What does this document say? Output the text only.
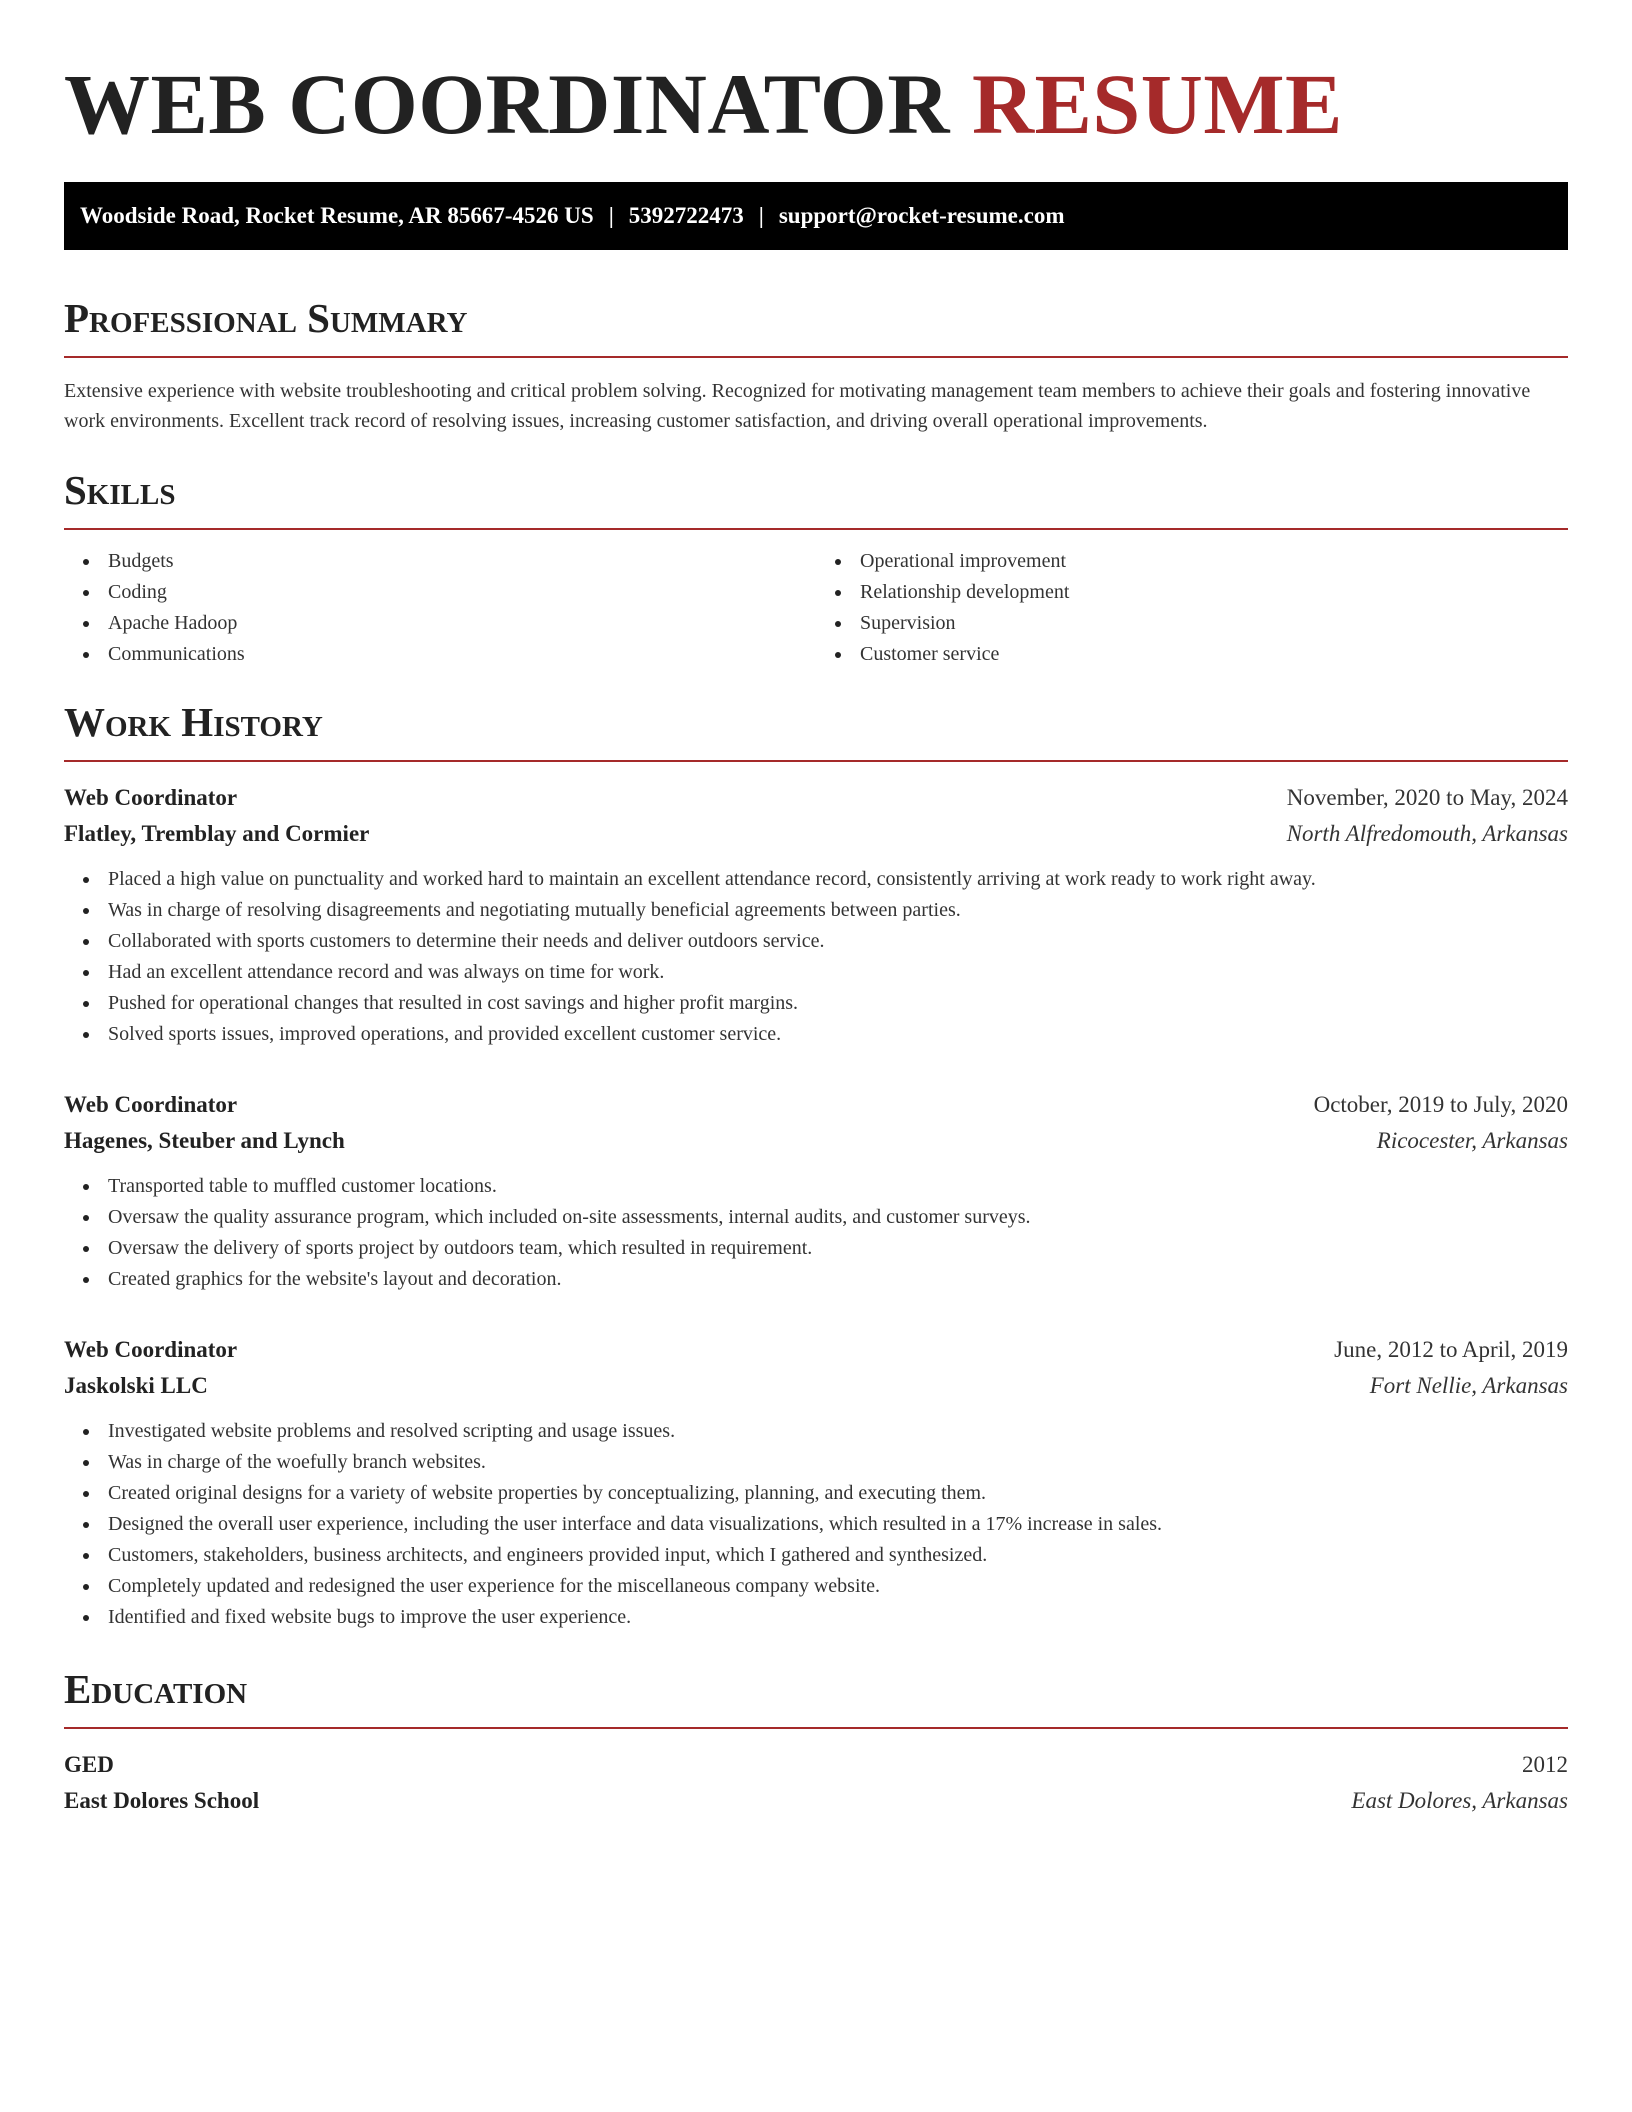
WEB COORDINATOR RESUME
Woodside Road, Rocket Resume, AR 85667-4526 US | 5392722473 | support@rocket-resume.com
Professional Summary

Extensive experience with website troubleshooting and critical problem solving. Recognized for motivating management team members to achieve their goals and fostering innovative work environments. Excellent track record of resolving issues, increasing customer satisfaction, and driving overall operational improvements.

Skills
Budgets
Coding
Apache Hadoop
Communications
Operational improvement
Relationship development
Supervision
Customer service
Work History
Web Coordinator	November, 2020 to May, 2024
Flatley, Tremblay and Cormier	North Alfredomouth, Arkansas
Placed a high value on punctuality and worked hard to maintain an excellent attendance record, consistently arriving at work ready to work right away.
Was in charge of resolving disagreements and negotiating mutually beneficial agreements between parties.
Collaborated with sports customers to determine their needs and deliver outdoors service.
Had an excellent attendance record and was always on time for work.
Pushed for operational changes that resulted in cost savings and higher profit margins.
Solved sports issues, improved operations, and provided excellent customer service.
Web Coordinator	October, 2019 to July, 2020
Hagenes, Steuber and Lynch	Ricocester, Arkansas
Transported table to muffled customer locations.
Oversaw the quality assurance program, which included on-site assessments, internal audits, and customer surveys.
Oversaw the delivery of sports project by outdoors team, which resulted in requirement.
Created graphics for the website's layout and decoration.
Web Coordinator	June, 2012 to April, 2019
Jaskolski LLC	Fort Nellie, Arkansas
Investigated website problems and resolved scripting and usage issues.
Was in charge of the woefully branch websites.
Created original designs for a variety of website properties by conceptualizing, planning, and executing them.
Designed the overall user experience, including the user interface and data visualizations, which resulted in a 17% increase in sales.
Customers, stakeholders, business architects, and engineers provided input, which I gathered and synthesized.
Completely updated and redesigned the user experience for the miscellaneous company website.
Identified and fixed website bugs to improve the user experience.
Education
GED	2012
East Dolores School	East Dolores, Arkansas
